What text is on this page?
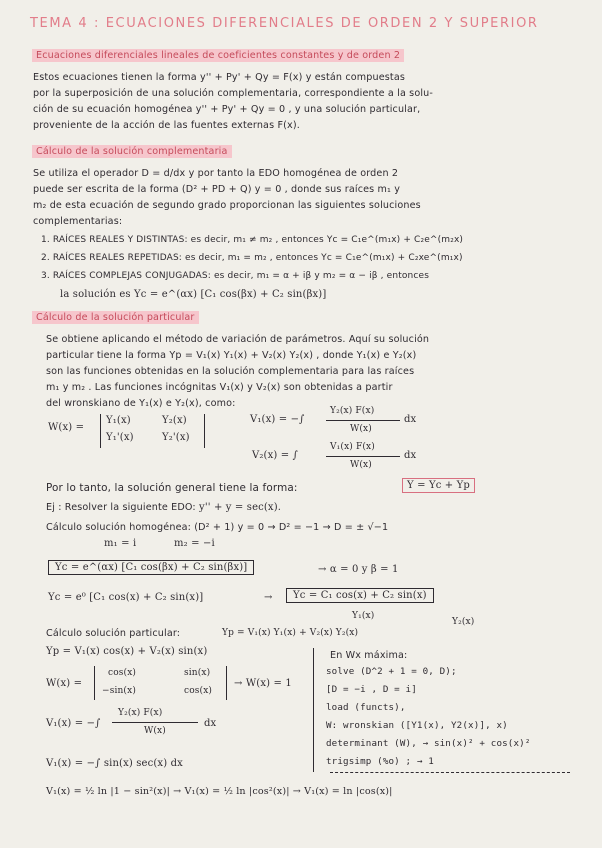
TEMA 4 : ECUACIONES DIFERENCIALES DE ORDEN 2 Y SUPERIOR
Ecuaciones diferenciales lineales de coeficientes constantes y de orden 2
Estos ecuaciones tienen la forma y'' + Py' + Qy = F(x) y están compuestas
por la superposición de una solución complementaria, correspondiente a la solu-
ción de su ecuación homogénea y'' + Py' + Qy = 0 , y una solución particular,
proveniente de la acción de las fuentes externas F(x).
Cálculo de la solución complementaria
Se utiliza el operador D = d/dx y por tanto la EDO homogénea de orden 2
puede ser escrita de la forma (D² + PD + Q) y = 0 , donde sus raíces m₁ y
m₂ de esta ecuación de segundo grado proporcionan las siguientes soluciones
complementarias:
1. RAÍCES REALES Y DISTINTAS: es decir, m₁ ≠ m₂ , entonces Yc = C₁e^(m₁x) + C₂e^(m₂x)
2. RAÍCES REALES REPETIDAS: es decir, m₁ = m₂ , entonces Yc = C₁e^(m₁x) + C₂xe^(m₁x)
3. RAÍCES COMPLEJAS CONJUGADAS: es decir, m₁ = α + iβ y m₂ = α − iβ , entonces
la solución es Yc = e^(αx) [C₁ cos(βx) + C₂ sin(βx)]
Cálculo de la solución particular
Se obtiene aplicando el método de variación de parámetros. Aquí su solución
particular tiene la forma Yp = V₁(x) Y₁(x) + V₂(x) Y₂(x) , donde Y₁(x) e Y₂(x)
son las funciones obtenidas en la solución complementaria para las raíces
m₁ y m₂ . Las funciones incógnitas V₁(x) y V₂(x) son obtenidas a partir
del wronskiano de Y₁(x) e Y₂(x), como:
W(x) =
Y₁(x)	Y₂(x)
Y₁'(x)	Y₂'(x)
V₁(x) = −∫
Y₂(x) F(x)
W(x)
dx
V₂(x) = ∫
V₁(x) F(x)
W(x)
dx
Por lo tanto, la solución general tiene la forma:	Y = Yc + Yp
Ej : Resolver la siguiente EDO: y'' + y = sec(x).
Cálculo solución homogénea: (D² + 1) y = 0 → D² = −1 → D = ± √−1
m₁ = i	m₂ = −i
Yc = e^(αx) [C₁ cos(βx) + C₂ sin(βx)]	→ α = 0 y β = 1
Yc = e⁰ [C₁ cos(x) + C₂ sin(x)]	→	Yc = C₁ cos(x) + C₂ sin(x)
Y₁(x)
Y₂(x)
Cálculo solución particular:	Yp = V₁(x) Y₁(x) + V₂(x) Y₂(x)
Yp = V₁(x) cos(x) + V₂(x) sin(x)
W(x) =
cos(x)	sin(x)
−sin(x)	cos(x)
→ W(x) = 1
V₁(x) = −∫
Y₂(x) F(x)
W(x)
dx
V₁(x) = −∫ sin(x) sec(x) dx
En Wx máxima:
solve (D^2 + 1 = 0, D);
[D = −i , D = i]
load (functs),
W: wronskian ([Y1(x), Y2(x)], x)
determinant (W), → sin(x)² + cos(x)²
trigsimp (%o) ; → 1
V₁(x) = ½ ln |1 − sin²(x)| → V₁(x) = ½ ln |cos²(x)| → V₁(x) = ln |cos(x)|
